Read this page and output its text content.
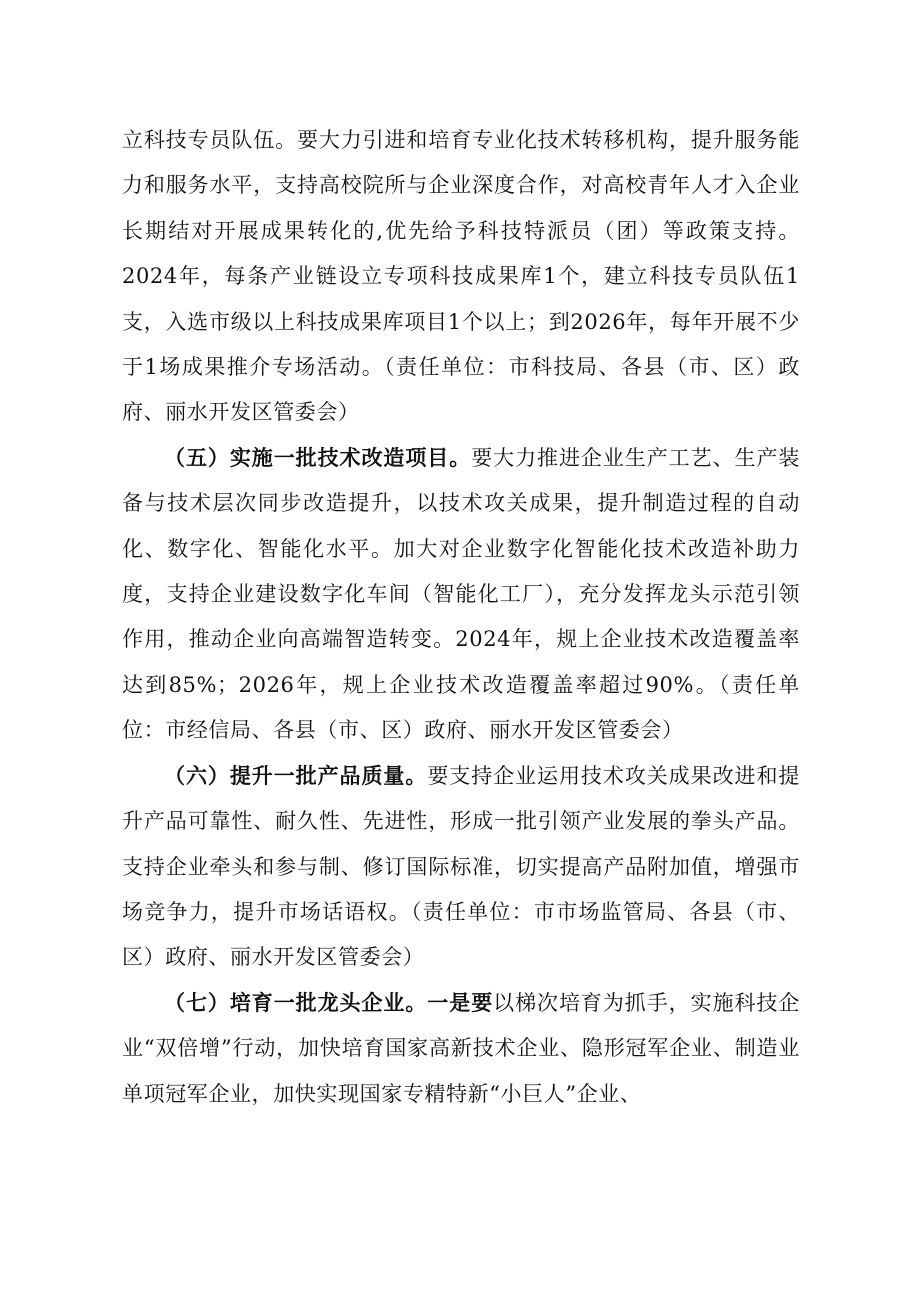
立科技专员队伍。要大力引进和培育专业化技术转移机构，提升服务能力和服务水平，支持高校院所与企业深度合作，对高校青年人才入企业长期结对开展成果转化的,优先给予科技特派员（团）等政策支持。2024年，每条产业链设立专项科技成果库1个，建立科技专员队伍1支，入选市级以上科技成果库项目1个以上；到2026年，每年开展不少于1场成果推介专场活动。（责任单位：市科技局、各县（市、区）政府、丽水开发区管委会）

（五）实施一批技术改造项目。要大力推进企业生产工艺、生产装备与技术层次同步改造提升，以技术攻关成果，提升制造过程的自动化、数字化、智能化水平。加大对企业数字化智能化技术改造补助力度，支持企业建设数字化车间（智能化工厂），充分发挥龙头示范引领作用，推动企业向高端智造转变。2024年，规上企业技术改造覆盖率达到85%；2026年，规上企业技术改造覆盖率超过90%。（责任单位：市经信局、各县（市、区）政府、丽水开发区管委会）

（六）提升一批产品质量。要支持企业运用技术攻关成果改进和提升产品可靠性、耐久性、先进性，形成一批引领产业发展的拳头产品。支持企业牵头和参与制、修订国际标准，切实提高产品附加值，增强市场竞争力，提升市场话语权。（责任单位：市市场监管局、各县（市、区）政府、丽水开发区管委会）

（七）培育一批龙头企业。一是要以梯次培育为抓手，实施科技企业“双倍增”行动，加快培育国家高新技术企业、隐形冠军企业、制造业单项冠军企业，加快实现国家专精特新“小巨人”企业、
